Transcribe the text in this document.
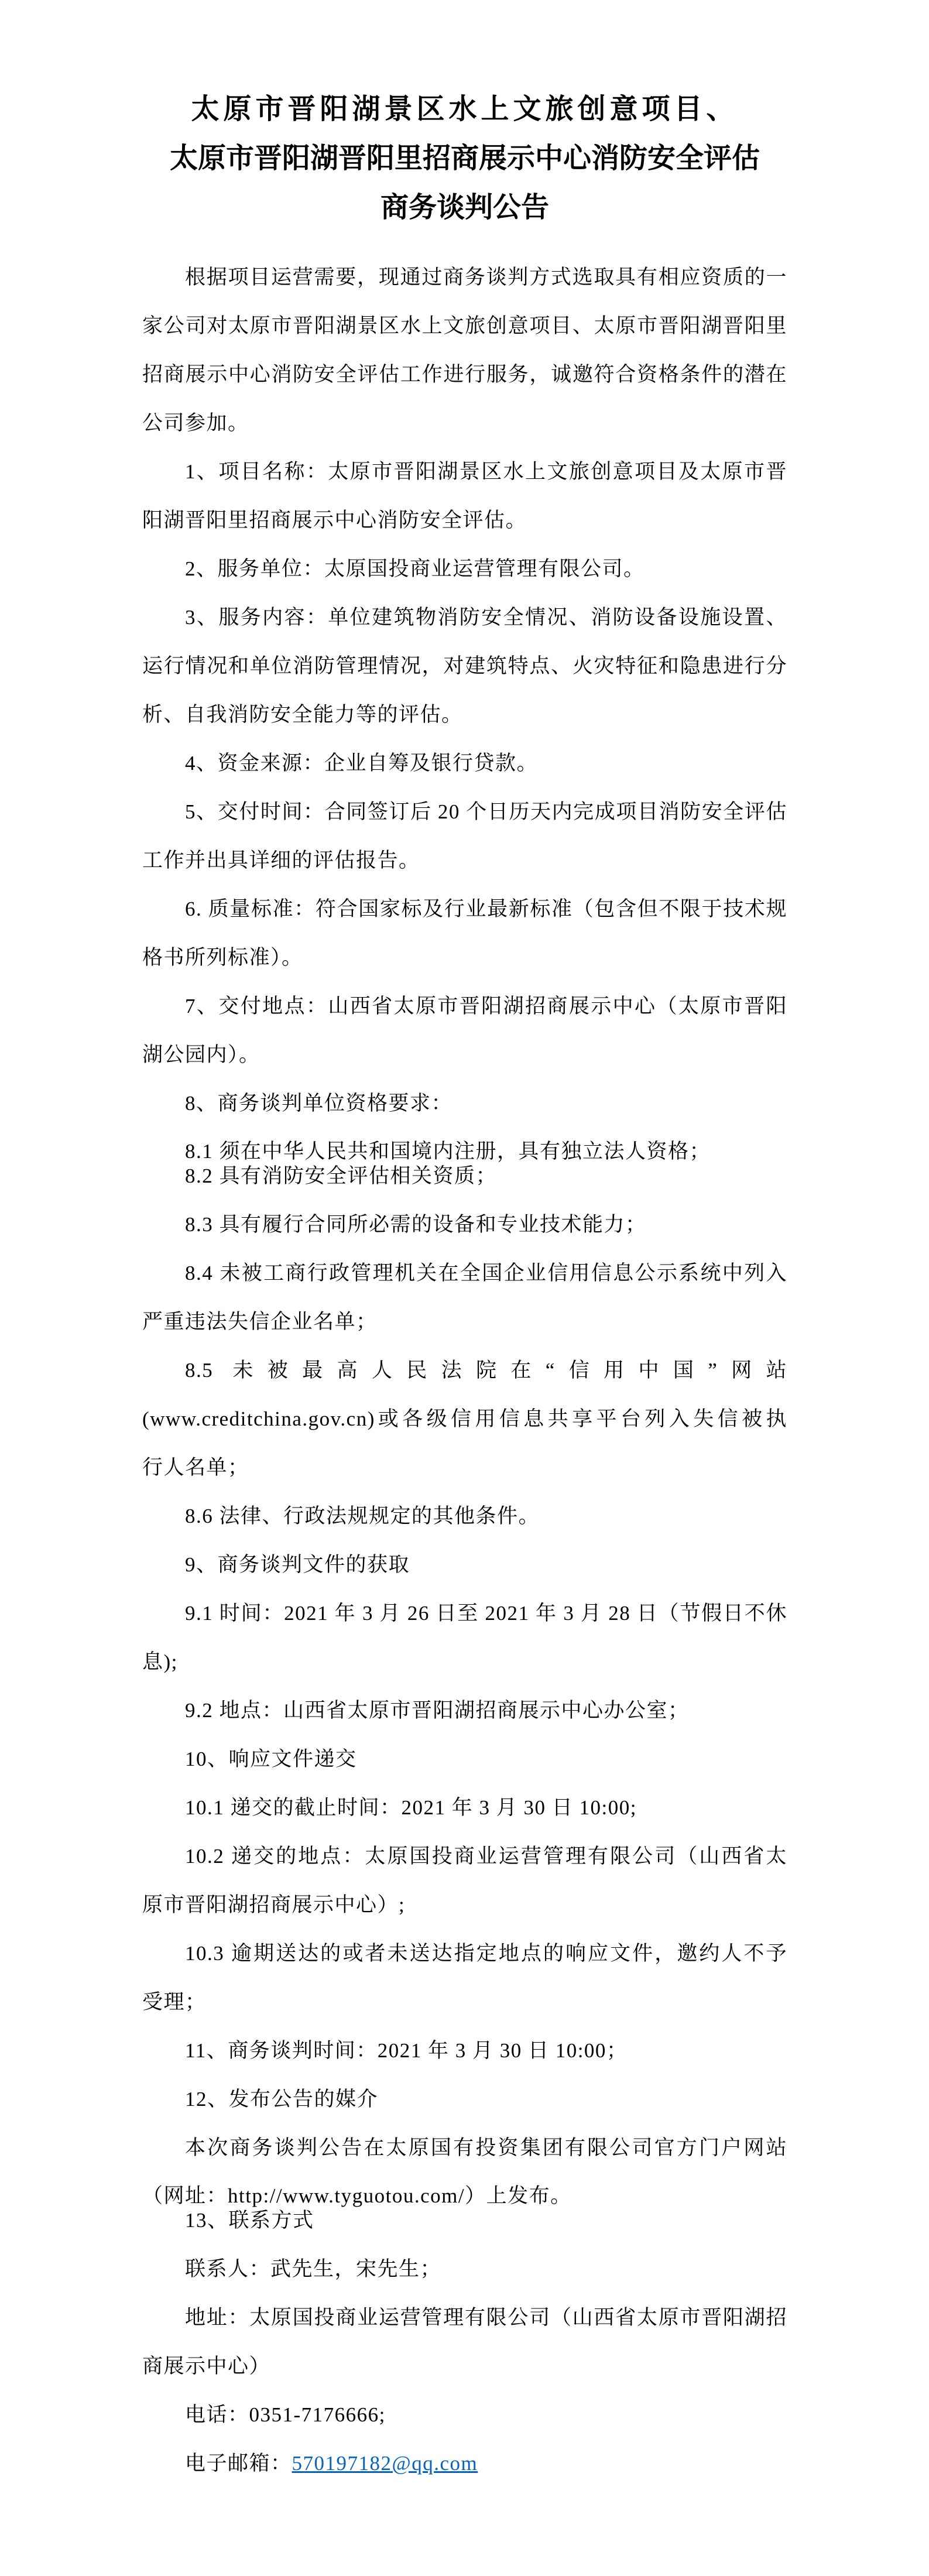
太原市晋阳湖景区水上文旅创意项目、
太原市晋阳湖晋阳里招商展示中心消防安全评估
商务谈判公告
根据项目运营需要，现通过商务谈判方式选取具有相应资质的一
家公司对太原市晋阳湖景区水上文旅创意项目、太原市晋阳湖晋阳里
招商展示中心消防安全评估工作进行服务，诚邀符合资格条件的潜在
公司参加。
1、项目名称：太原市晋阳湖景区水上文旅创意项目及太原市晋
阳湖晋阳里招商展示中心消防安全评估。
2、服务单位：太原国投商业运营管理有限公司。
3、服务内容：单位建筑物消防安全情况、消防设备设施设置、
运行情况和单位消防管理情况，对建筑特点、火灾特征和隐患进行分
析、自我消防安全能力等的评估。
4、资金来源：企业自筹及银行贷款。
5、交付时间：合同签订后 20 个日历天内完成项目消防安全评估
工作并出具详细的评估报告。
6. 质量标准：符合国家标及行业最新标准（包含但不限于技术规
格书所列标准）。
7、交付地点：山西省太原市晋阳湖招商展示中心（太原市晋阳
湖公园内）。
8、商务谈判单位资格要求：
8.1 须在中华人民共和国境内注册，具有独立法人资格；
8.2 具有消防安全评估相关资质；
8.3 具有履行合同所必需的设备和专业技术能力；
8.4 未被工商行政管理机关在全国企业信用信息公示系统中列入
严重违法失信企业名单；
8.5 未被最高人民法院在“信用中国”网站
(www.creditchina.gov.cn)或各级信用信息共享平台列入失信被执
行人名单；
8.6 法律、行政法规规定的其他条件。
9、商务谈判文件的获取
9.1 时间：2021 年 3 月 26 日至 2021 年 3 月 28 日（节假日不休
息);
9.2 地点：山西省太原市晋阳湖招商展示中心办公室；
10、响应文件递交
10.1 递交的截止时间：2021 年 3 月 30 日 10:00;
10.2 递交的地点：太原国投商业运营管理有限公司（山西省太
原市晋阳湖招商展示中心）;
10.3 逾期送达的或者未送达指定地点的响应文件，邀约人不予
受理；
11、商务谈判时间：2021 年 3 月 30 日 10:00；
12、发布公告的媒介
本次商务谈判公告在太原国有投资集团有限公司官方门户网站
（网址：http://www.tyguotou.com/）上发布。
13、联系方式
联系人：武先生，宋先生；
地址：太原国投商业运营管理有限公司（山西省太原市晋阳湖招
商展示中心）
电话：0351-7176666;
电子邮箱：570197182@qq.com
